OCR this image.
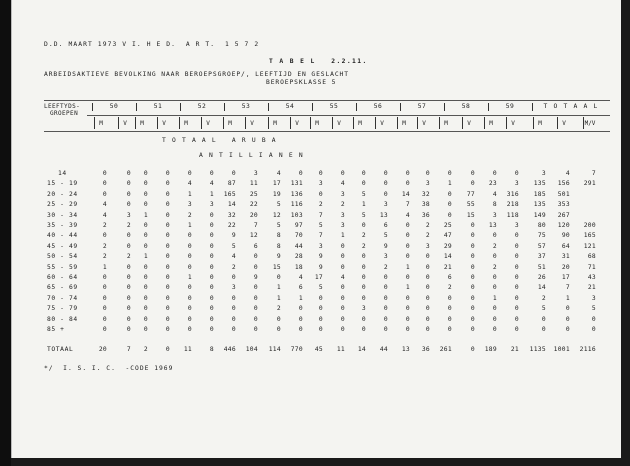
D.D. MAART 1973 V I. H E D.  A R T.  1 5 7 2
T A B E L   2.2.11.
ARBEIDSAKTIEVE BEVOLKING NAAR BEROEPSGROEP/, LEEFTIJD EN GESLACHT
BEROEPSKLASSE 5
LEEFTYDS-
GROEPEN
50	51	52	53	54	55	56	57	58	59	T O T A A L
M	V	M	V	M	V	M	V	M	V	M	V	M	V	M	V	M	V	M	V	M	V	M/V
T O T A A L   A R U B A
A N T I L L I A N E N
14	0	0	0	0	0	0	0	3	4	0	0	0	0	0	0	0	0	0	0	0	3	4	7
15 - 19	0	0	0	0	4	4	87	11	17	131	3	4	0	0	0	3	1	0	23	3	135	156	291
20 - 24	0	0	0	0	1	1	165	25	19	136	0	3	5	0	14	32	0	77	4	316	185	501
25 - 29	4	0	0	0	3	3	14	22	5	116	2	2	1	3	7	38	0	55	8	218	135	353
30 - 34	4	3	1	0	2	0	32	20	12	103	7	3	5	13	4	36	0	15	3	118	149	267
35 - 39	2	2	0	0	1	0	22	7	5	97	5	3	0	6	0	2	25	0	13	3	80	120	200
40 - 44	0	0	0	0	0	0	9	12	8	70	7	1	2	5	0	2	47	0	0	0	75	90	165
45 - 49	2	0	0	0	0	0	5	6	8	44	3	0	2	9	0	3	29	0	2	0	57	64	121
50 - 54	2	2	1	0	0	0	4	0	9	28	9	0	0	3	0	0	14	0	0	0	37	31	68
55 - 59	1	0	0	0	0	0	2	0	15	18	9	0	0	2	1	0	21	0	2	0	51	20	71
60 - 64	0	0	0	0	1	0	0	9	0	4	17	4	0	0	0	0	6	0	0	0	26	17	43
65 - 69	0	0	0	0	0	0	3	0	1	6	5	0	0	0	1	0	2	0	0	0	14	7	21
70 - 74	0	0	0	0	0	0	0	0	1	1	0	0	0	0	0	0	0	0	1	0	2	1	3
75 - 79	0	0	0	0	0	0	0	0	2	0	0	0	3	0	0	0	0	0	0	0	5	0	5
80 - 84	0	0	0	0	0	0	0	0	0	0	0	0	0	0	0	0	0	0	0	0	0	0	0
85 +	0	0	0	0	0	0	0	0	0	0	0	0	0	0	0	0	0	0	0	0	0	0	0
TOTAAL	20	7	2	0	11	8	446	104	114	770	45	11	14	44	13	36	261	0	189	21	1135	1001	2116
*/  I. S. I. C.  -CODE 1969
